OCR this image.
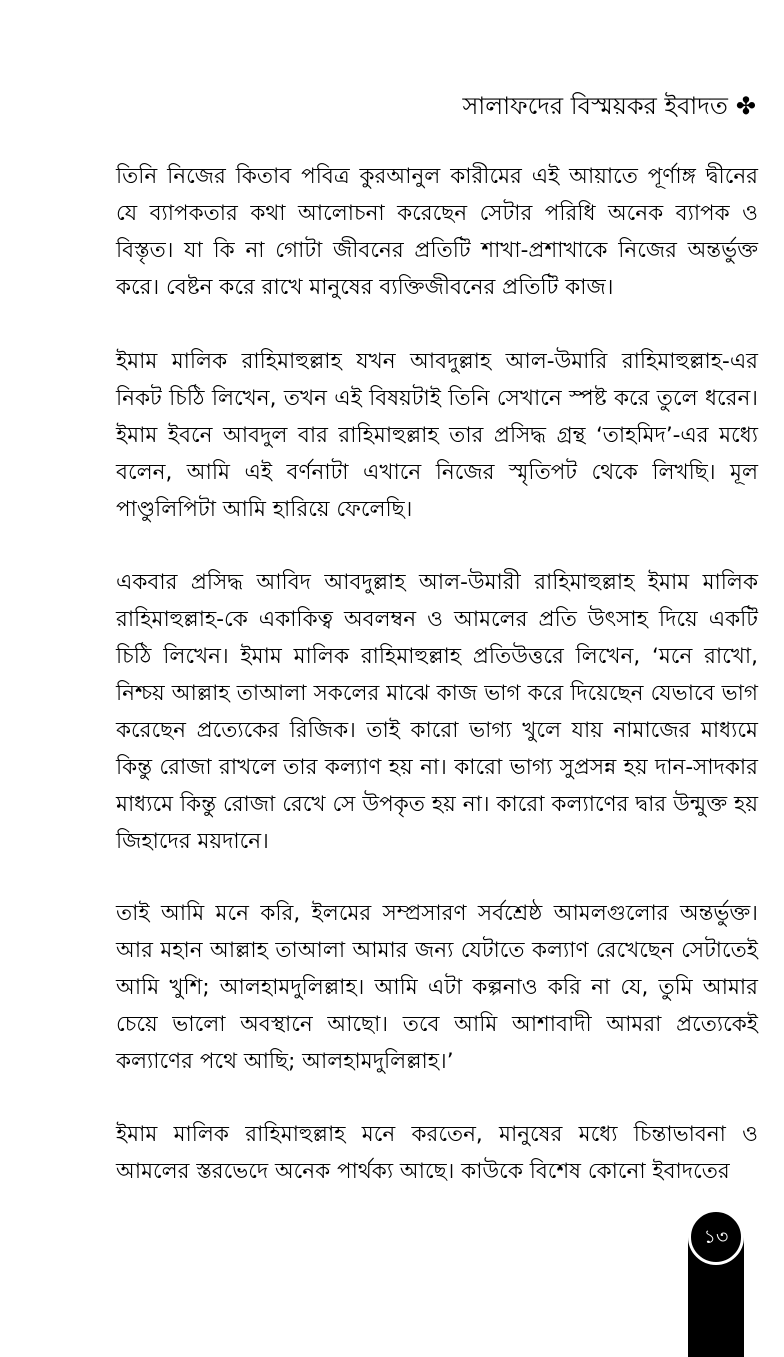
সালাফদের বিস্ময়কর ইবাদত ✤

তিনি নিজের কিতাব পবিত্র কুরআনুল কারীমের এই আয়াতে পূর্ণাঙ্গ দ্বীনের যে ব্যাপকতার কথা আলোচনা করেছেন সেটার পরিধি অনেক ব্যাপক ও বিস্তৃত। যা কি না গোটা জীবনের প্রতিটি শাখা-প্রশাখাকে নিজের অন্তর্ভুক্ত করে। বেষ্টন করে রাখে মানুষের ব্যক্তিজীবনের প্রতিটি কাজ।

ইমাম মালিক রাহিমাহুল্লাহ যখন আবদুল্লাহ আল-উমারি রাহিমাহুল্লাহ-এর নিকট চিঠি লিখেন, তখন এই বিষয়টাই তিনি সেখানে স্পষ্ট করে তুলে ধরেন। ইমাম ইবনে আবদুল বার রাহিমাহুল্লাহ তার প্রসিদ্ধ গ্রন্থ ‘তাহমিদ’-এর মধ্যে বলেন, আমি এই বর্ণনাটা এখানে নিজের স্মৃতিপট থেকে লিখছি। মূল পাণ্ডুলিপিটা আমি হারিয়ে ফেলেছি।

একবার প্রসিদ্ধ আবিদ আবদুল্লাহ আল-উমারী রাহিমাহুল্লাহ ইমাম মালিক রাহিমাহুল্লাহ-কে একাকিত্ব অবলম্বন ও আমলের প্রতি উৎসাহ দিয়ে একটি চিঠি লিখেন। ইমাম মালিক রাহিমাহুল্লাহ প্রতিউত্তরে লিখেন, ‘মনে রাখো, নিশ্চয় আল্লাহ তাআলা সকলের মাঝে কাজ ভাগ করে দিয়েছেন যেভাবে ভাগ করেছেন প্রত্যেকের রিজিক। তাই কারো ভাগ্য খুলে যায় নামাজের মাধ্যমে কিন্তু রোজা রাখলে তার কল্যাণ হয় না। কারো ভাগ্য সুপ্রসন্ন হয় দান-সাদকার মাধ্যমে কিন্তু রোজা রেখে সে উপকৃত হয় না। কারো কল্যাণের দ্বার উন্মুক্ত হয় জিহাদের ময়দানে।

তাই আমি মনে করি, ইলমের সম্প্রসারণ সর্বশ্রেষ্ঠ আমলগুলোর অন্তর্ভুক্ত। আর মহান আল্লাহ তাআলা আমার জন্য যেটাতে কল্যাণ রেখেছেন সেটাতেই আমি খুশি; আলহামদুলিল্লাহ। আমি এটা কল্পনাও করি না যে, তুমি আমার চেয়ে ভালো অবস্থানে আছো। তবে আমি আশাবাদী আমরা প্রত্যেকেই কল্যাণের পথে আছি; আলহামদুলিল্লাহ।’

ইমাম মালিক রাহিমাহুল্লাহ মনে করতেন, মানুষের মধ্যে চিন্তাভাবনা ও আমলের স্তরভেদে অনেক পার্থক্য আছে। কাউকে বিশেষ কোনো ইবাদতের

১৩
